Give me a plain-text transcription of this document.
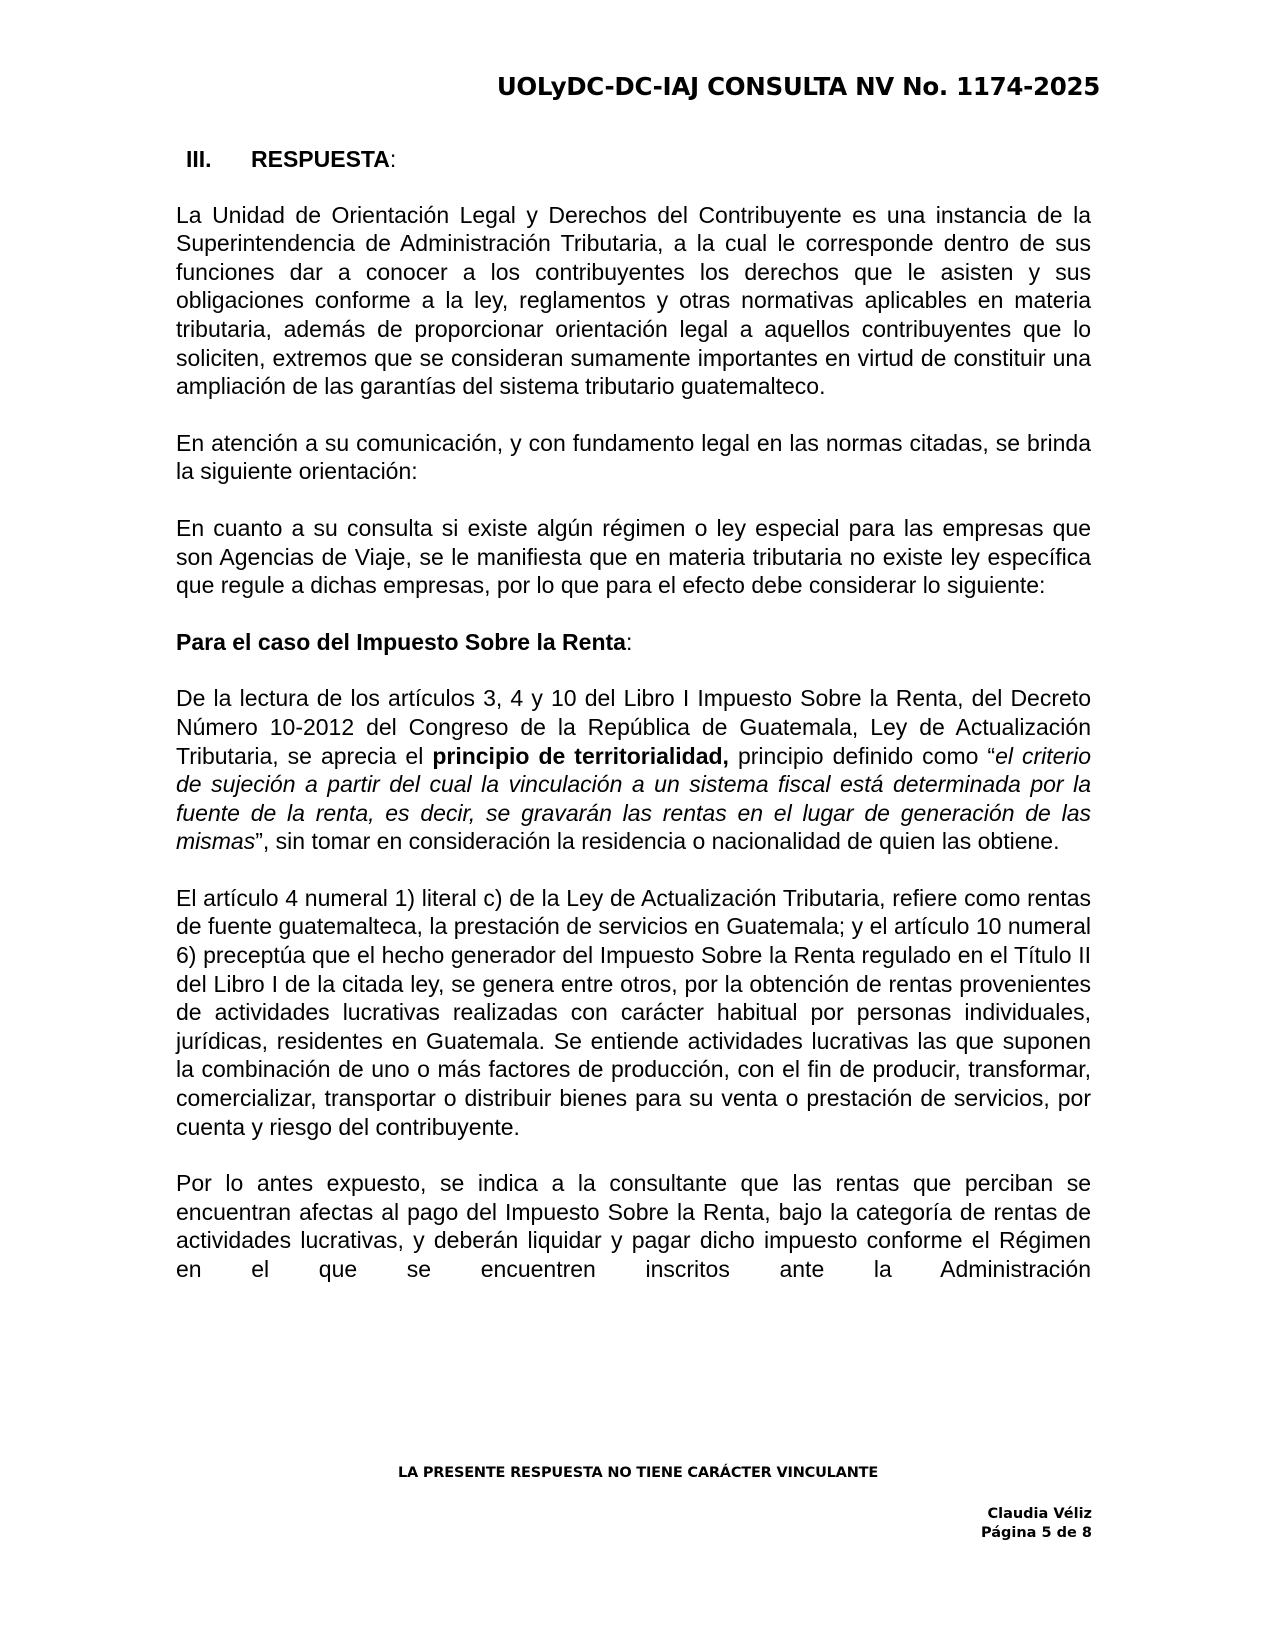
UOLyDC-DC-IAJ CONSULTA NV No. 1174-2025
III. RESPUESTA:

La Unidad de Orientación Legal y Derechos del Contribuyente es una instancia de la Superintendencia de Administración Tributaria, a la cual le corresponde dentro de sus funciones dar a conocer a los contribuyentes los derechos que le asisten y sus obligaciones conforme a la ley, reglamentos y otras normativas aplicables en materia tributaria, además de proporcionar orientación legal a aquellos contribuyentes que lo soliciten, extremos que se consideran sumamente importantes en virtud de constituir una ampliación de las garantías del sistema tributario guatemalteco.

En atención a su comunicación, y con fundamento legal en las normas citadas, se brinda la siguiente orientación:

En cuanto a su consulta si existe algún régimen o ley especial para las empresas que son Agencias de Viaje, se le manifiesta que en materia tributaria no existe ley específica que regule a dichas empresas, por lo que para el efecto debe considerar lo siguiente:

Para el caso del Impuesto Sobre la Renta:

De la lectura de los artículos 3, 4 y 10 del Libro I Impuesto Sobre la Renta, del Decreto Número 10-2012 del Congreso de la República de Guatemala, Ley de Actualización Tributaria, se aprecia el principio de territorialidad, principio definido como “el criterio de sujeción a partir del cual la vinculación a un sistema fiscal está determinada por la fuente de la renta, es decir, se gravarán las rentas en el lugar de generación de las mismas”, sin tomar en consideración la residencia o nacionalidad de quien las obtiene.

El artículo 4 numeral 1) literal c) de la Ley de Actualización Tributaria, refiere como rentas de fuente guatemalteca, la prestación de servicios en Guatemala; y el artículo 10 numeral 6) preceptúa que el hecho generador del Impuesto Sobre la Renta regulado en el Título II del Libro I de la citada ley, se genera entre otros, por la obtención de rentas provenientes de actividades lucrativas realizadas con carácter habitual por personas individuales, jurídicas, residentes en Guatemala. Se entiende actividades lucrativas las que suponen la combinación de uno o más factores de producción, con el fin de producir, transformar, comercializar, transportar o distribuir bienes para su venta o prestación de servicios, por cuenta y riesgo del contribuyente.

Por lo antes expuesto, se indica a la consultante que las rentas que perciban se encuentran afectas al pago del Impuesto Sobre la Renta, bajo la categoría de rentas de actividades lucrativas, y deberán liquidar y pagar dicho impuesto conforme el Régimen en el que se encuentren inscritos ante la Administración

LA PRESENTE RESPUESTA NO TIENE CARÁCTER VINCULANTE

Claudia Véliz
Página 5 de 8
